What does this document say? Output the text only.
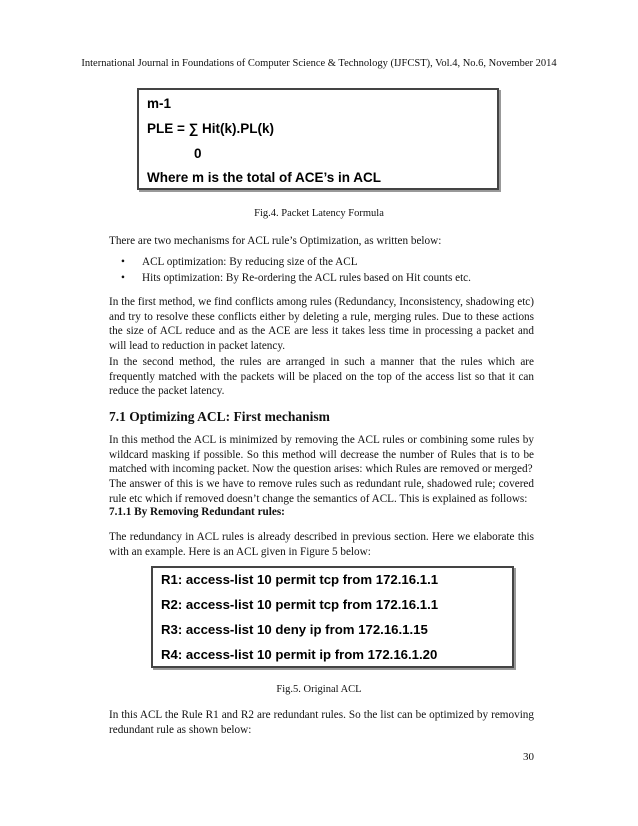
International Journal in Foundations of Computer Science & Technology (IJFCST), Vol.4, No.6, November 2014
m-1
PLE = ∑ Hit(k).PL(k)
0
Where m is the total of ACE’s in ACL
Fig.4. Packet Latency Formula

There are two mechanisms for ACL rule’s Optimization, as written below:

• ACL optimization: By reducing size of the ACL
• Hits optimization: By Re-ordering the ACL rules based on Hit counts etc.

In the first method, we find conflicts among rules (Redundancy, Inconsistency, shadowing etc) and try to resolve these conflicts either by deleting a rule, merging rules. Due to these actions the size of ACL reduce and as the ACE are less it takes less time in processing a packet and will lead to reduction in packet latency.

In the second method, the rules are arranged in such a manner that the rules which are frequently matched with the packets will be placed on the top of the access list so that it can reduce the packet latency.

7.1 Optimizing ACL: First mechanism

In this method the ACL is minimized by removing the ACL rules or combining some rules by wildcard masking if possible. So this method will decrease the number of Rules that is to be matched with incoming packet. Now the question arises: which Rules are removed or merged?

The answer of this is we have to remove rules such as redundant rule, shadowed rule; covered rule etc which if removed doesn’t change the semantics of ACL. This is explained as follows:

7.1.1 By Removing Redundant rules:

The redundancy in ACL rules is already described in previous section. Here we elaborate this with an example. Here is an ACL given in Figure 5 below:

R1: access-list 10 permit tcp from 172.16.1.1
R2: access-list 10 permit tcp from 172.16.1.1
R3: access-list 10 deny ip from 172.16.1.15
R4: access-list 10 permit ip from 172.16.1.20
Fig.5. Original ACL

In this ACL the Rule R1 and R2 are redundant rules. So the list can be optimized by removing redundant rule as shown below:

30
